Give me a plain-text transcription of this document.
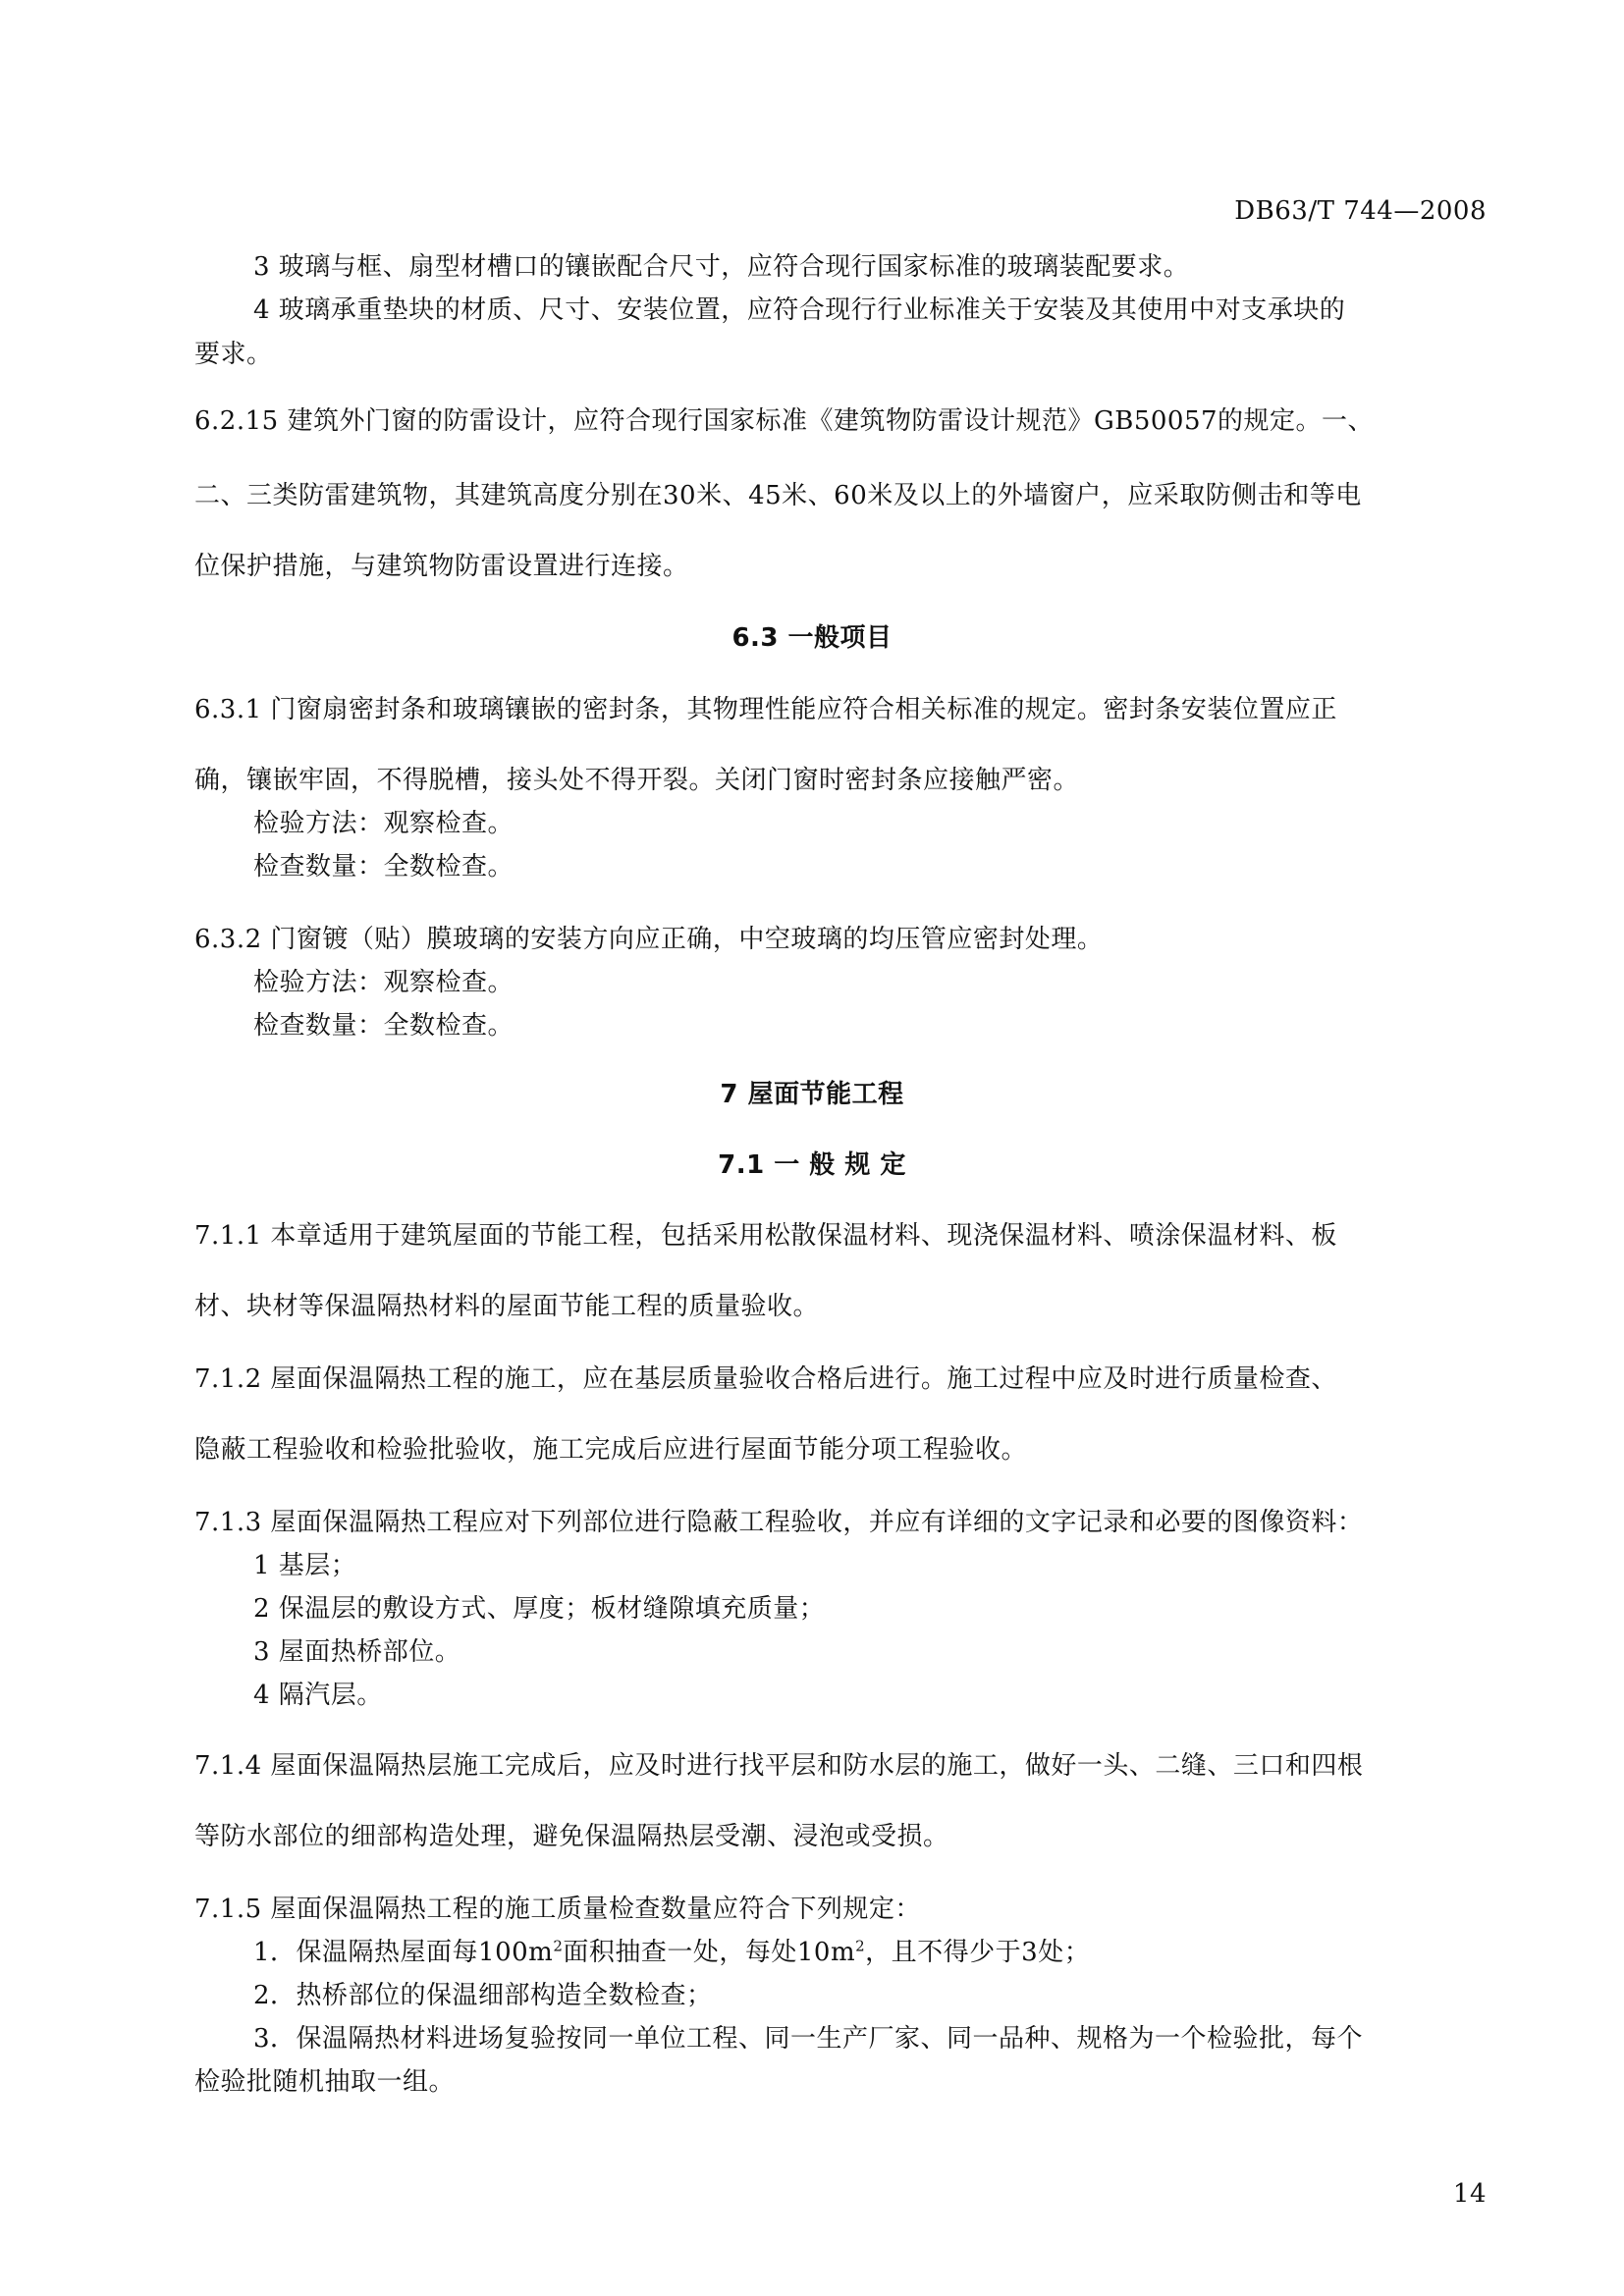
DB63/T 744—2008
3 玻璃与框、扇型材槽口的镶嵌配合尺寸，应符合现行国家标准的玻璃装配要求。
4 玻璃承重垫块的材质、尺寸、安装位置，应符合现行行业标准关于安装及其使用中对支承块的
要求。
6.2.15 建筑外门窗的防雷设计，应符合现行国家标准《建筑物防雷设计规范》GB50057的规定。一、
二、三类防雷建筑物，其建筑高度分别在30米、45米、60米及以上的外墙窗户，应采取防侧击和等电
位保护措施，与建筑物防雷设置进行连接。
6.3 一般项目
6.3.1 门窗扇密封条和玻璃镶嵌的密封条，其物理性能应符合相关标准的规定。密封条安装位置应正
确，镶嵌牢固，不得脱槽，接头处不得开裂。关闭门窗时密封条应接触严密。
检验方法：观察检查。
检查数量：全数检查。
6.3.2 门窗镀（贴）膜玻璃的安装方向应正确，中空玻璃的均压管应密封处理。
检验方法：观察检查。
检查数量：全数检查。
7 屋面节能工程
7.1 一 般 规 定
7.1.1 本章适用于建筑屋面的节能工程，包括采用松散保温材料、现浇保温材料、喷涂保温材料、板
材、块材等保温隔热材料的屋面节能工程的质量验收。
7.1.2 屋面保温隔热工程的施工，应在基层质量验收合格后进行。施工过程中应及时进行质量检查、
隐蔽工程验收和检验批验收，施工完成后应进行屋面节能分项工程验收。
7.1.3 屋面保温隔热工程应对下列部位进行隐蔽工程验收，并应有详细的文字记录和必要的图像资料：
1 基层；
2 保温层的敷设方式、厚度；板材缝隙填充质量；
3 屋面热桥部位。
4 隔汽层。
7.1.4 屋面保温隔热层施工完成后，应及时进行找平层和防水层的施工，做好一头、二缝、三口和四根
等防水部位的细部构造处理，避免保温隔热层受潮、浸泡或受损。
7.1.5 屋面保温隔热工程的施工质量检查数量应符合下列规定：
1．保温隔热屋面每$100m^2$面积抽查一处，每处$10m^2$，且不得少于3处；
2．热桥部位的保温细部构造全数检查；
3．保温隔热材料进场复验按同一单位工程、同一生产厂家、同一品种、规格为一个检验批，每个
检验批随机抽取一组。
14
